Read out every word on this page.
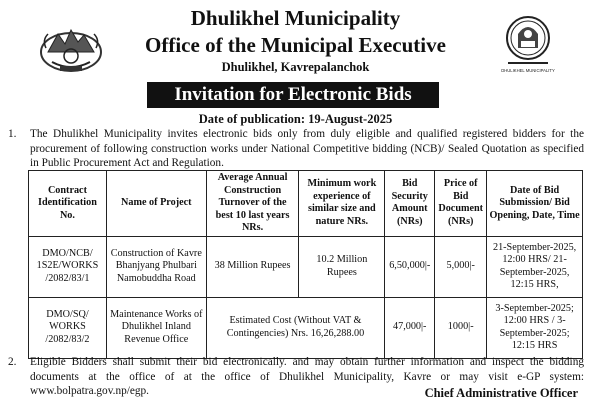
DHULIKHEL MUNICIPALITY
Dhulikhel Municipality
Office of the Municipal Executive
Dhulikhel, Kavrepalanchok
Invitation for Electronic Bids
Date of publication: 19-August-2025
1. The Dhulikhel Municipality invites electronic bids only from duly eligible and qualified registered bidders for the procurement of following construction works under National Competitive bidding (NCB)/ Sealed Quotation as specified in Public Procurement Act and Regulation.
Contract Identification No.	Name of Project	Average Annual Construction Turnover of the best 10 last years NRs.	Minimum work experience of similar size and nature NRs.	Bid Security Amount (NRs)	Price of Bid Document (NRs)	Date of Bid Submission/ Bid Opening, Date, Time
DMO/NCB/ 1S2E/WORKS /2082/83/1	Construction of Kavre Bhanjyang Phulbari Namobuddha Road	38 Million Rupees	10.2 Million Rupees	6,50,000|-	5,000|-	21-September-2025, 12:00 HRS/ 21-September-2025, 12:15 HRS,
DMO/SQ/ WORKS /2082/83/2	Maintenance Works of Dhulikhel Inland Revenue Office	Estimated Cost (Without VAT & Contingencies) Nrs. 16,26,288.00		47,000|-	1000|-	3-September-2025; 12:00 HRS / 3-September-2025; 12:15 HRS
2. Eligible Bidders shall submit their bid electronically. and may obtain further information and inspect the bidding documents at the office of at the office of Dhulikhel Municipality, Kavre or may visit e-GP system: www.bolpatra.gov.np/egp.	Chief Administrative Officer
